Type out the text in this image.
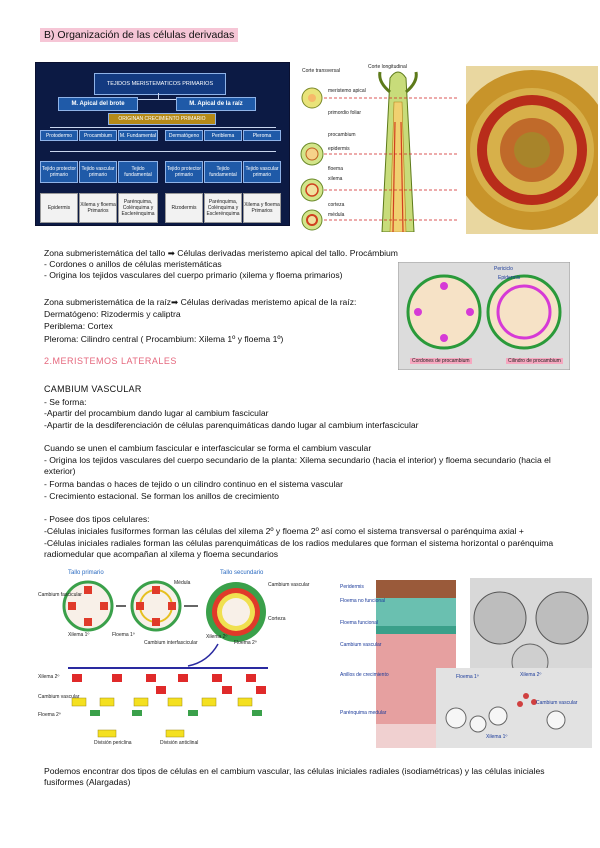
B) Organización de las células derivadas
TEJIDOS MERISTEMATICOS PRIMARIOS
M. Apical del brote	M. Apical de la raíz
ORIGINAN CRECIMIENTO PRIMARIO
Protodermo	Procambium	M. Fundamental	Dermatógeno	Periblema	Pleroma
Tejido protector primario
Tejido vascular primario
Tejido fundamental
Tejido protector primario
Tejido fundamental
Tejido vascular primario
Epidermis	Xilema y floema Primarios
Parénquima, Colénquima y Esclerénquima
Rizodermis
Parénquima, Colénquima y Esclerénquima
Xilema y floema Primarios
Corte transversal
Corte longitudinal
meristemo apical
primordio foliar
procambium
epidermis
floema
xilema
corteza
médula
Zona submeristemática del tallo ➡ Células derivadas meristemo apical del tallo. Procámbium
- Cordones o anillos de células meristemáticas
- Origina los tejidos vasculares del cuerpo primario (xilema y floema primarios)
Periciclo
Epidermis
Cordones de procambium	Cilindro de procambium
Zona submeristemática de la raíz➡ Células derivadas meristemo apical de la raíz:
Dermatógeno: Rizodermis y caliptra
Periblema: Cortex
Pleroma: Cilindro central ( Procambium: Xilema 1º y floema 1º)
2.MERISTEMOS LATERALES
CAMBIUM VASCULAR
- Se forma:
-Apartir del procambium dando lugar al cambium fascicular
-Apartir de la desdiferenciación de células parenquimáticas dando lugar al cambium interfascicular
Cuando se unen el cambium fascicular e interfascicular se forma el cambium vascular
- Origina los tejidos vasculares del cuerpo secundario de la planta: Xilema secundario (hacia el interior) y floema secundario (hacia el exterior)
- Forma bandas o haces de tejido o un cilindro continuo en el sistema vascular
- Crecimiento estacional. Se forman los anillos de crecimiento
- Posee dos tipos celulares:
-Células iniciales fusiformes forman las células del xilema 2º y floema 2º así como el sistema transversal o parénquima axial +
-Células iniciales radiales forman las células parenquimáticas de los radios medulares que forman el sistema horizontal o parénquima radiomedular que acompañan al xilema y floema secundarios
Tallo primario	Tallo secundario
Cambium fascicular
Xilema 1º	Floema 1º
Cambium interfascicular
Médula	Cambium vascular
Corteza
Xilema 2º
Floema 2º
Xilema 2º
Cambium vascular
Floema 2º
División periclina	División anticlinal
Peridermis
Floema no funcional
Floema funcional
Cambium vascular
Anillos de crecimiento
Parénquima medular
Floema 1º	Xilema 2º
Cambium vascular
Xilema 1º
Podemos encontrar dos tipos de células en el cambium vascular, las células iniciales radiales (isodiamétricas) y las células iniciales fusiformes (Alargadas)
